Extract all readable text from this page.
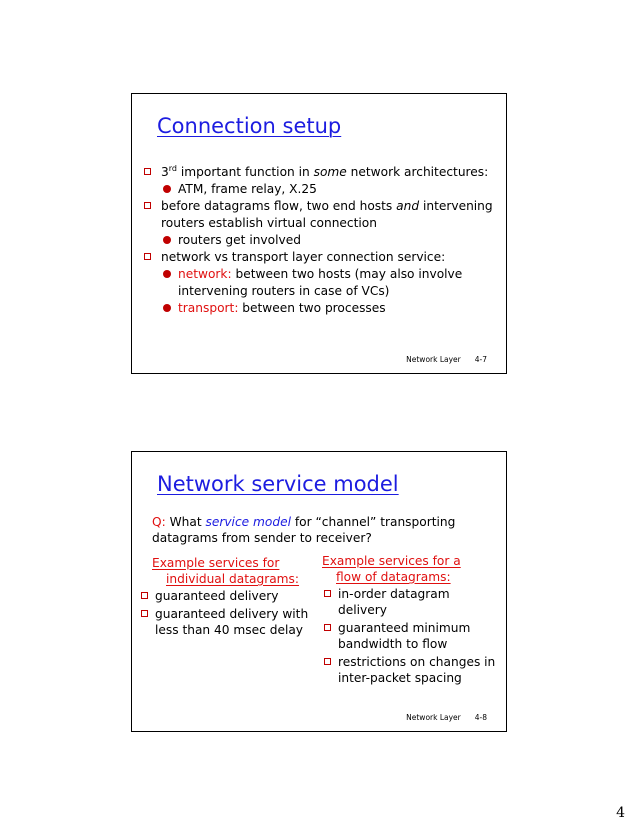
Connection setup
3rd important function in some network architectures:
ATM, frame relay, X.25
before datagrams flow, two end hosts and intervening routers establish virtual connection
routers get involved
network vs transport layer connection service:
network: between two hosts (may also involve intervening routers in case of VCs)
transport: between two processes
Network Layer 4-7
Network service model
Q: What service model for “channel” transporting datagrams from sender to receiver?
Example services for
individual datagrams:
guaranteed delivery
guaranteed delivery with less than 40 msec delay
Example services for a
flow of datagrams:
in-order datagram delivery
guaranteed minimum bandwidth to flow
restrictions on changes in inter-packet spacing
Network Layer 4-8
4
